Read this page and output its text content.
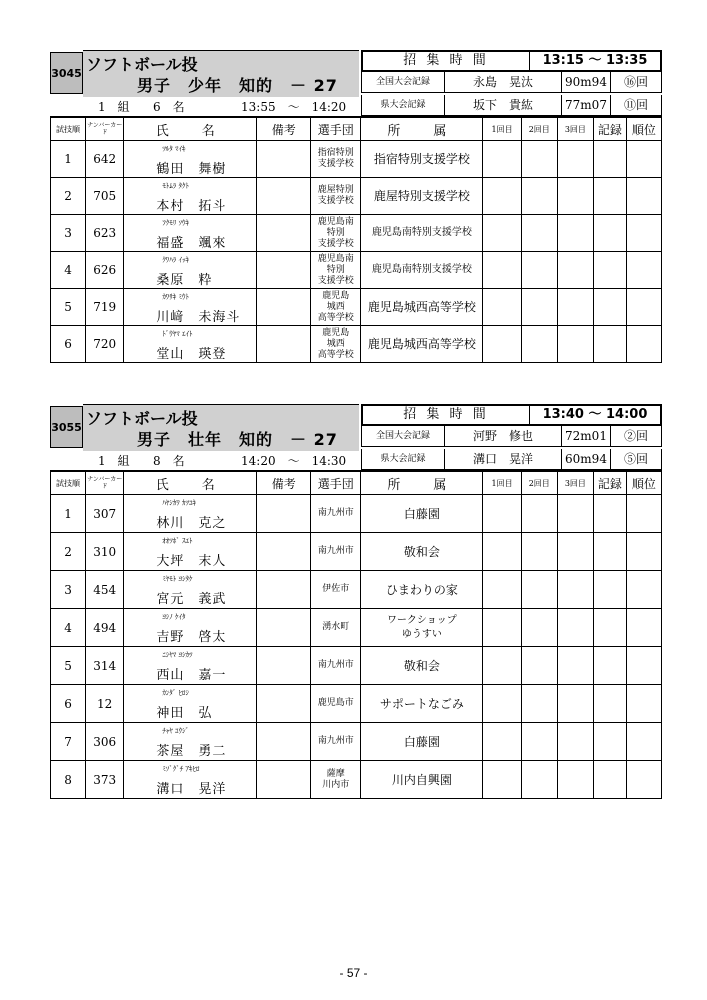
3045 ソフトボール投
男子　少年　知的　－ 27
招 集 時 間	13:15 ～ 13:35
全国大会記録	永島　晃汰	90m94	⑯回
1　組 6　名	13:55　～　14:20	県大会記録	坂下　貴紘	77m07	⑪回
試技順	ナンバーカード	氏　名	備考	選手団	所　属	1回目	2回目	3回目	記録	順位
1	642	ﾂﾙﾀ ﾏｲｷ
鶴田　舞樹		指宿特別
支援学校	指宿特別支援学校					
2	705	ﾓﾄﾑﾗ ﾀｸﾄ
本村　拓斗		鹿屋特別
支援学校	鹿屋特別支援学校					
3	623	ﾌｸﾓﾘ ｿｳｷ
福盛　颯來		鹿児島南
特別
支援学校	鹿児島南特別支援学校					
4	626	ｸﾜﾊﾗ ｲｯｷ
桑原　粋		鹿児島南
特別
支援学校	鹿児島南特別支援学校					
5	719	ｶﾜｻｷ ﾐｳﾄ
川﨑　未海斗		鹿児島
城西
高等学校	鹿児島城西高等学校					
6	720	ﾄﾞｳﾔﾏ ｴｲﾄ
堂山　瑛登		鹿児島
城西
高等学校	鹿児島城西高等学校					
3055 ソフトボール投
男子　壮年　知的　－ 27
招 集 時 間	13:40 ～ 14:00
全国大会記録	河野　修也	72m01	②回
1　組 8　名	14:20　～　14:30	県大会記録	溝口　晃洋	60m94	⑤回
試技順	ナンバーカード	氏　名	備考	選手団	所　属	1回目	2回目	3回目	記録	順位
1	307	ﾊﾔｼｶﾜ ｶﾂﾕｷ
林川　克之		南九州市	白藤園					
2	310	ｵｵﾂﾎﾞ ｽｴﾄ
大坪　末人		南九州市	敬和会					
3	454	ﾐﾔﾓﾄ ﾖｼﾀｹ
宮元　義武		伊佐市	ひまわりの家					
4	494	ﾖｼﾉ ｹｲﾀ
吉野　啓太		湧水町	ワークショップ
ゆうすい					
5	314	ﾆｼﾔﾏ ﾖｼｶﾂ
西山　嘉一		南九州市	敬和会					
6	12	ｶﾝﾀﾞ ﾋﾛｼ
神田　弘		鹿児島市	サポートなごみ					
7	306	ﾁｬﾔ ﾕｳｼﾞ
茶屋　勇二		南九州市	白藤園					
8	373	ﾐｿﾞｸﾞﾁ ｱｷﾋﾛ
溝口　晃洋		薩摩
川内市	川内自興園					
- 57 -
